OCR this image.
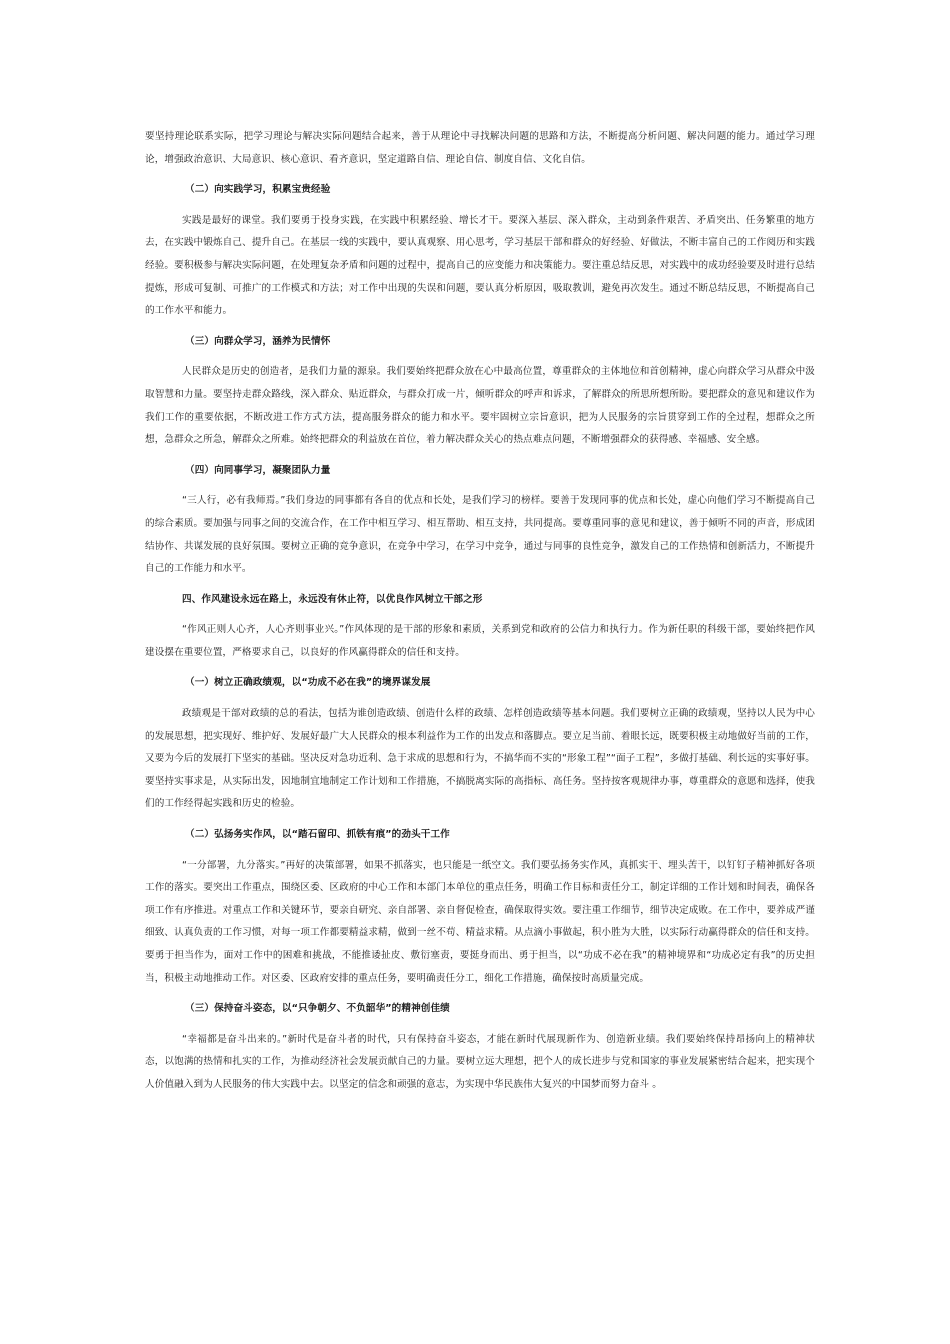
要坚持理论联系实际，把学习理论与解决实际问题结合起来，善于从理论中寻找解决问题的思路和方法，不断提高分析问题、解决问题的能力。通过学习理论，增强政治意识、大局意识、核心意识、看齐意识，坚定道路自信、理论自信、制度自信、文化自信。

（二）向实践学习，积累宝贵经验

实践是最好的课堂。我们要勇于投身实践，在实践中积累经验、增长才干。要深入基层、深入群众，主动到条件艰苦、矛盾突出、任务繁重的地方去，在实践中锻炼自己、提升自己。在基层一线的实践中，要认真观察、用心思考，学习基层干部和群众的好经验、好做法，不断丰富自己的工作阅历和实践经验。要积极参与解决实际问题，在处理复杂矛盾和问题的过程中，提高自己的应变能力和决策能力。要注重总结反思，对实践中的成功经验要及时进行总结提炼，形成可复制、可推广的工作模式和方法；对工作中出现的失误和问题，要认真分析原因，吸取教训，避免再次发生。通过不断总结反思，不断提高自己的工作水平和能力。

（三）向群众学习，涵养为民情怀

人民群众是历史的创造者，是我们力量的源泉。我们要始终把群众放在心中最高位置，尊重群众的主体地位和首创精神，虚心向群众学习从群众中汲取智慧和力量。要坚持走群众路线，深入群众、贴近群众，与群众打成一片，倾听群众的呼声和诉求，了解群众的所思所想所盼。要把群众的意见和建议作为我们工作的重要依据，不断改进工作方式方法，提高服务群众的能力和水平。要牢固树立宗旨意识，把为人民服务的宗旨贯穿到工作的全过程，想群众之所想，急群众之所急，解群众之所难。始终把群众的利益放在首位，着力解决群众关心的热点难点问题，不断增强群众的获得感、幸福感、安全感。

（四）向同事学习，凝聚团队力量

“三人行，必有我师焉。”我们身边的同事都有各自的优点和长处，是我们学习的榜样。要善于发现同事的优点和长处，虚心向他们学习不断提高自己的综合素质。要加强与同事之间的交流合作，在工作中相互学习、相互帮助、相互支持，共同提高。要尊重同事的意见和建议，善于倾听不同的声音，形成团结协作、共谋发展的良好氛围。要树立正确的竞争意识，在竞争中学习，在学习中竞争，通过与同事的良性竞争，激发自己的工作热情和创新活力，不断提升自己的工作能力和水平。

四、作风建设永远在路上，永远没有休止符，以优良作风树立干部之形

“作风正则人心齐，人心齐则事业兴。”作风体现的是干部的形象和素质，关系到党和政府的公信力和执行力。作为新任职的科级干部，要始终把作风建设摆在重要位置，严格要求自己，以良好的作风赢得群众的信任和支持。

（一）树立正确政绩观，以“功成不必在我”的境界谋发展

政绩观是干部对政绩的总的看法，包括为谁创造政绩、创造什么样的政绩、怎样创造政绩等基本问题。我们要树立正确的政绩观，坚持以人民为中心的发展思想，把实现好、维护好、发展好最广大人民群众的根本利益作为工作的出发点和落脚点。要立足当前、着眼长远，既要积极主动地做好当前的工作，又要为今后的发展打下坚实的基础。坚决反对急功近利、急于求成的思想和行为，不搞华而不实的“形象工程”“面子工程”，多做打基础、利长远的实事好事。要坚持实事求是，从实际出发，因地制宜地制定工作计划和工作措施，不搞脱离实际的高指标、高任务。坚持按客观规律办事，尊重群众的意愿和选择，使我们的工作经得起实践和历史的检验。

（二）弘扬务实作风，以“踏石留印、抓铁有痕”的劲头干工作

“一分部署，九分落实。”再好的决策部署，如果不抓落实，也只能是一纸空文。我们要弘扬务实作风，真抓实干、埋头苦干，以钉钉子精神抓好各项工作的落实。要突出工作重点，围绕区委、区政府的中心工作和本部门本单位的重点任务，明确工作目标和责任分工，制定详细的工作计划和时间表，确保各项工作有序推进。对重点工作和关键环节，要亲自研究、亲自部署、亲自督促检查，确保取得实效。要注重工作细节，细节决定成败。在工作中，要养成严谨细致、认真负责的工作习惯，对每一项工作都要精益求精，做到一丝不苟、精益求精。从点滴小事做起，积小胜为大胜，以实际行动赢得群众的信任和支持。要勇于担当作为，面对工作中的困难和挑战，不能推诿扯皮、敷衍塞责，要挺身而出、勇于担当，以“功成不必在我”的精神境界和“功成必定有我”的历史担当，积极主动地推动工作。对区委、区政府安排的重点任务，要明确责任分工，细化工作措施，确保按时高质量完成。

（三）保持奋斗姿态，以“只争朝夕、不负韶华”的精神创佳绩

“幸福都是奋斗出来的。”新时代是奋斗者的时代，只有保持奋斗姿态，才能在新时代展现新作为、创造新业绩。我们要始终保持昂扬向上的精神状态，以饱满的热情和扎实的工作，为推动经济社会发展贡献自己的力量。要树立远大理想，把个人的成长进步与党和国家的事业发展紧密结合起来，把实现个人价值融入到为人民服务的伟大实践中去。以坚定的信念和顽强的意志，为实现中华民族伟大复兴的中国梦而努力奋斗 。
